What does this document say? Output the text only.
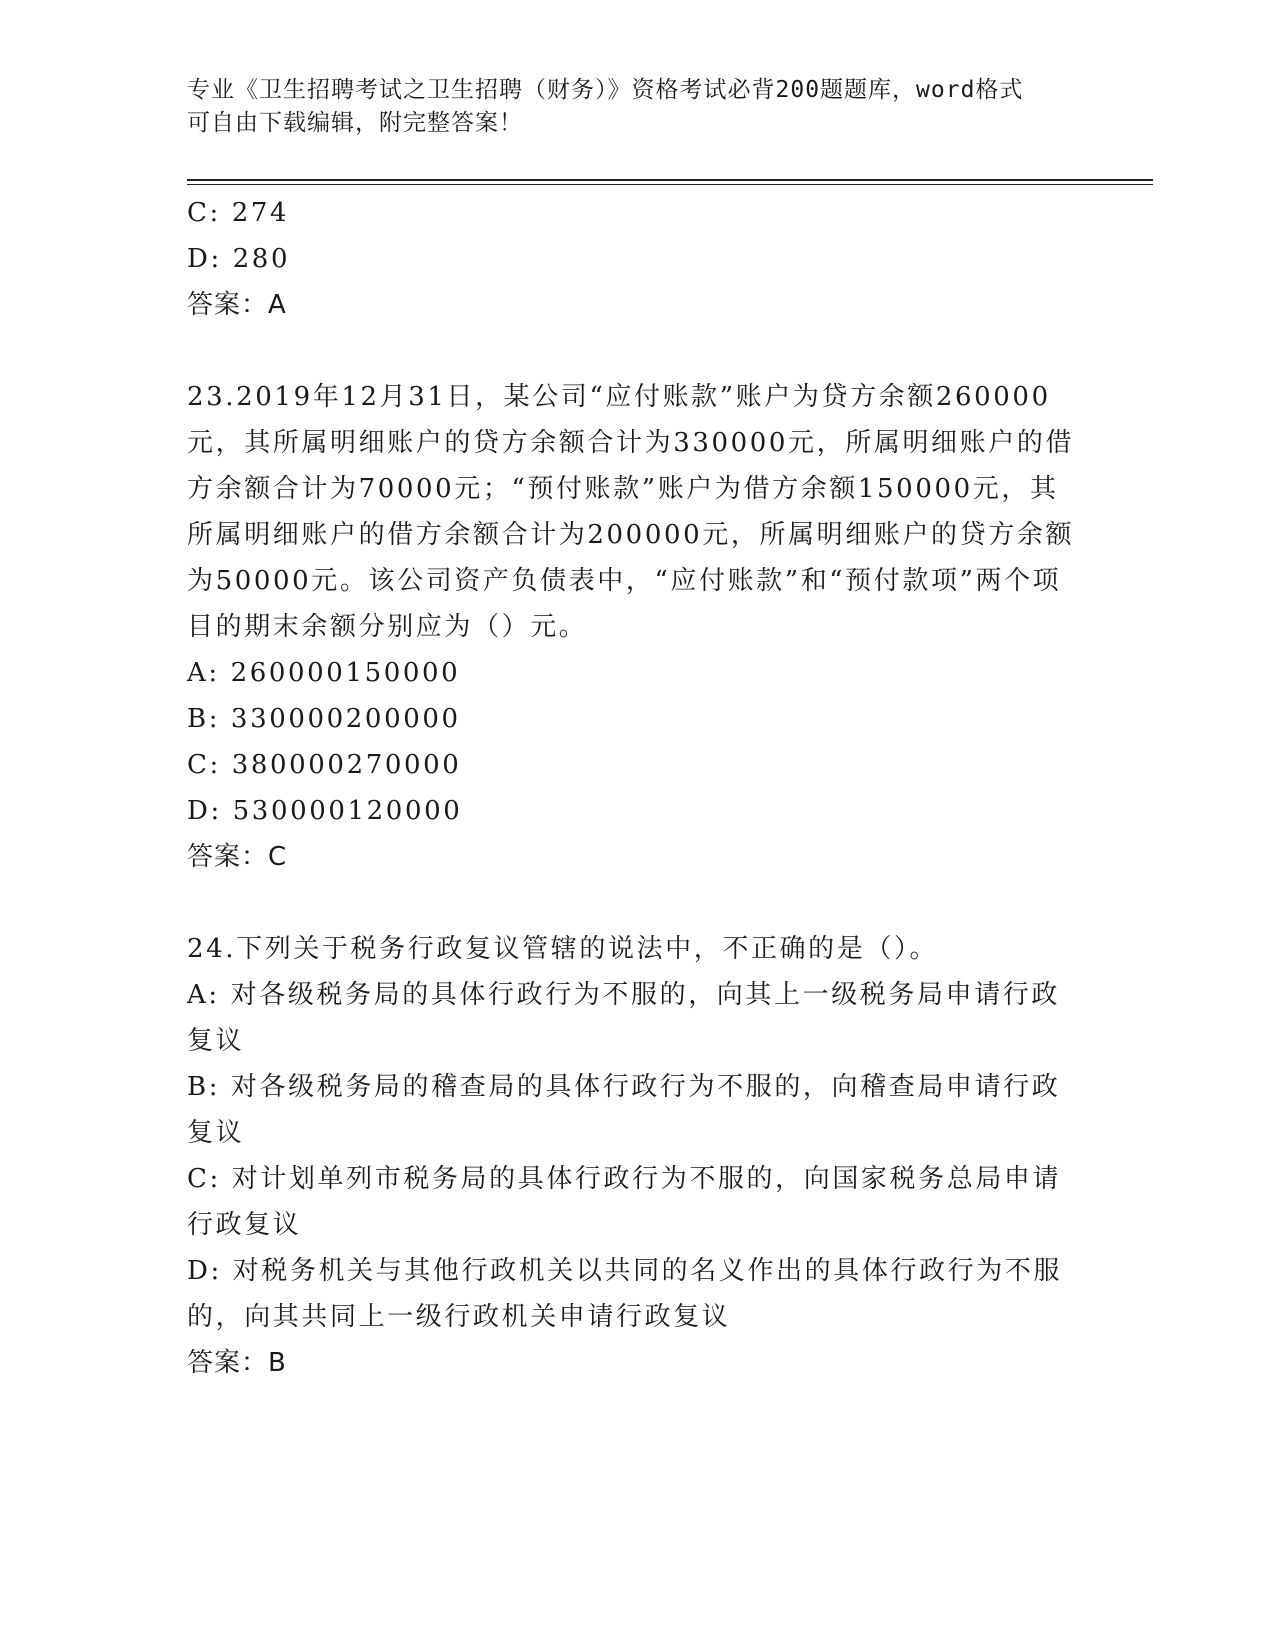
专业《卫生招聘考试之卫生招聘（财务）》资格考试必背200题题库，word格式
可自由下载编辑，附完整答案！
C: 274
D: 280
答案：A
23.2019年12月31日，某公司“应付账款”账户为贷方余额260000元，其所属明细账户的贷方余额合计为330000元，所属明细账户的借方余额合计为70000元；“预付账款”账户为借方余额150000元，其所属明细账户的借方余额合计为200000元，所属明细账户的贷方余额为50000元。该公司资产负债表中，“应付账款”和“预付款项”两个项目的期末余额分别应为（）元。
A: 260000150000
B: 330000200000
C: 380000270000
D: 530000120000
答案：C
24.下列关于税务行政复议管辖的说法中，不正确的是（）。
A: 对各级税务局的具体行政行为不服的，向其上一级税务局申请行政复议
B: 对各级税务局的稽查局的具体行政行为不服的，向稽查局申请行政复议
C: 对计划单列市税务局的具体行政行为不服的，向国家税务总局申请行政复议
D: 对税务机关与其他行政机关以共同的名义作出的具体行政行为不服的，向其共同上一级行政机关申请行政复议
答案：B
